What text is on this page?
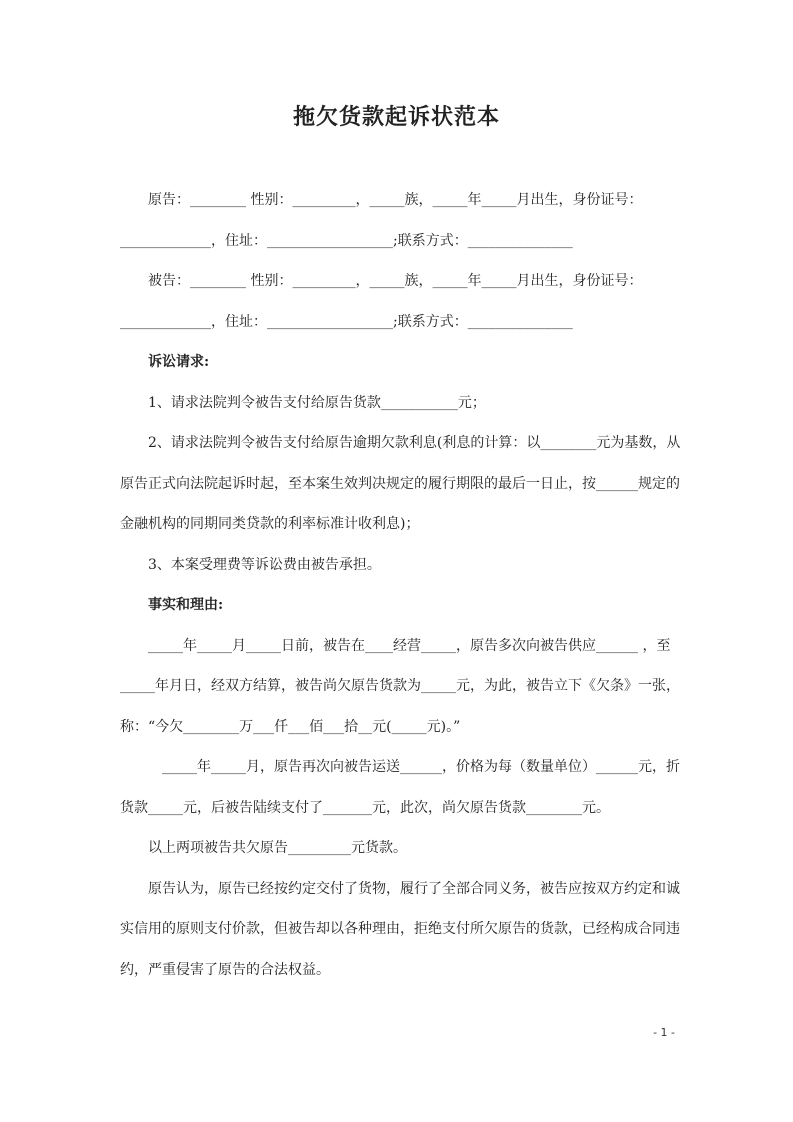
拖欠货款起诉状范本
原告：________ 性别：_________，_____族，_____年_____月出生，身份证号：
_____________，住址：__________________;联系方式：_______________
被告：________ 性别：_________，_____族，_____年_____月出生，身份证号：
_____________，住址：__________________;联系方式：_______________
诉讼请求:
1、请求法院判令被告支付给原告货款___________元；
2、请求法院判令被告支付给原告逾期欠款利息(利息的计算：以________元为基数，从
原告正式向法院起诉时起，至本案生效判决规定的履行期限的最后一日止，按______规定的
金融机构的同期同类贷款的利率标准计收利息)；
3、本案受理费等诉讼费由被告承担。
事实和理由:
_____年_____月_____日前，被告在____经营_____，原告多次向被告供应______ ，至
_____年月日，经双方结算，被告尚欠原告货款为_____元，为此，被告立下《欠条》一张，
称：“今欠________万___仟___佰___拾__元(_____元)。”
_____年_____月，原告再次向被告运送______，价格为每（数量单位）______元，折
货款_____元，后被告陆续支付了_______元，此次，尚欠原告货款________元。
以上两项被告共欠原告_________元货款。
原告认为，原告已经按约定交付了货物，履行了全部合同义务，被告应按双方约定和诚
实信用的原则支付价款，但被告却以各种理由，拒绝支付所欠原告的货款，已经构成合同违
约，严重侵害了原告的合法权益。
- 1 -
